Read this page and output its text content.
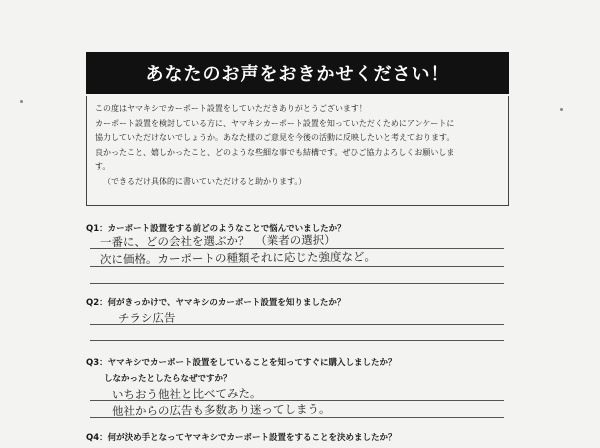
あなたのお声をおきかせください！

この度はヤマキシでカーポート設置をしていただきありがとうございます！

カーポート設置を検討している方に、ヤマキシカーポート設置を知っていただくためにアンケートに

協力していただけないでしょうか。あなた様のご意見を今後の活動に反映したいと考えております。

良かったこと、嬉しかったこと、どのような些細な事でも結構です。ぜひご協力よろしくお願いしま

す。

（できるだけ具体的に書いていただけると助かります。）

Q1：カーポート設置をする前どのようなことで悩んでいましたか？
一番に、どの会社を選ぶか？　（業者の選択）
次に価格。カーポートの種類それに応じた強度など。
Q2：何がきっかけで、ヤマキシのカーポート設置を知りましたか？
チラシ広告
Q3：ヤマキシでカーポート設置をしていることを知ってすぐに購入しましたか？
しなかったとしたらなぜですか？
いちおう他社と比べてみた。
他社からの広告も多数あり迷ってしまう。
Q4：何が決め手となってヤマキシでカーポート設置をすることを決めましたか？
